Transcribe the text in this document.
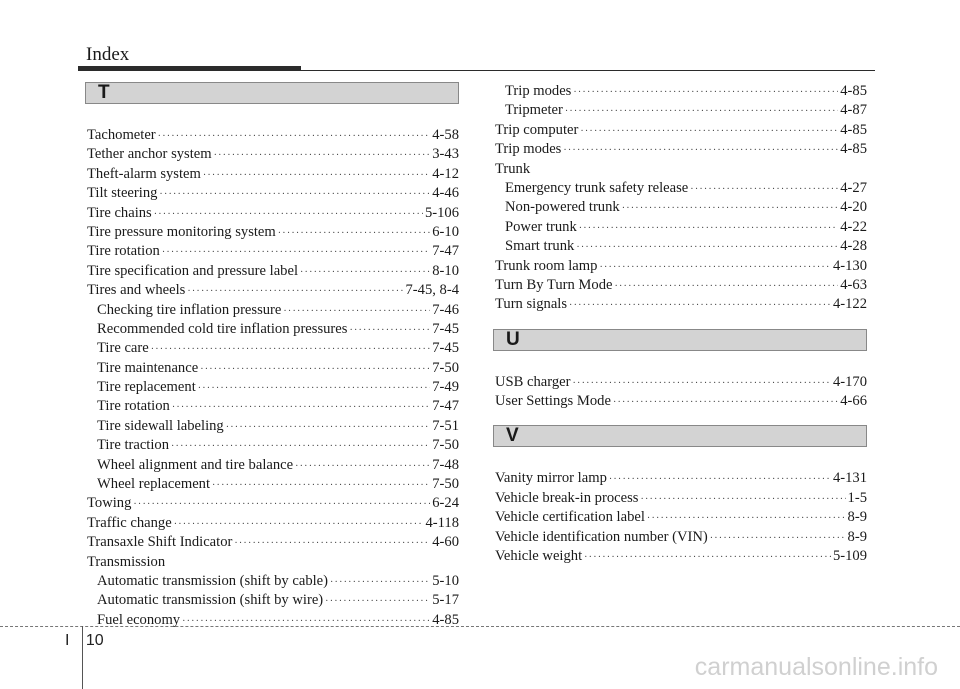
Index
T
Tachometer ·····	4-58
Tether anchor system ·····	3-43
Theft-alarm system ·····	4-12
Tilt steering ·····	4-46
Tire chains ·····	5-106
Tire pressure monitoring system ·····	6-10
Tire rotation ·····	7-47
Tire specification and pressure label ·····	8-10
Tires and wheels ·····	7-45, 8-4
Checking tire inflation pressure ·····	7-46
Recommended cold tire inflation pressures ·····	7-45
Tire care ·····	7-45
Tire maintenance ·····	7-50
Tire replacement ·····	7-49
Tire rotation ·····	7-47
Tire sidewall labeling ·····	7-51
Tire traction ·····	7-50
Wheel alignment and tire balance ·····	7-48
Wheel replacement ·····	7-50
Towing ·····	6-24
Traffic change ·····	4-118
Transaxle Shift Indicator ·····	4-60
Transmission
Automatic transmission (shift by cable) ·····	5-10
Automatic transmission (shift by wire) ·····	5-17
Fuel economy ·····	4-85
Trip modes ·····	4-85
Tripmeter ·····	4-87
Trip computer ·····	4-85
Trip modes ·····	4-85
Trunk
Emergency trunk safety release ·····	4-27
Non-powered trunk ·····	4-20
Power trunk ·····	4-22
Smart trunk ·····	4-28
Trunk room lamp ·····	4-130
Turn By Turn Mode ·····	4-63
Turn signals ·····	4-122
U
USB charger ·····	4-170
User Settings Mode ·····	4-66
V
Vanity mirror lamp ·····	4-131
Vehicle break-in process ·····	1-5
Vehicle certification label ·····	8-9
Vehicle identification number (VIN) ·····	8-9
Vehicle weight ·····	5-109
I 10
carmanualsonline.info
